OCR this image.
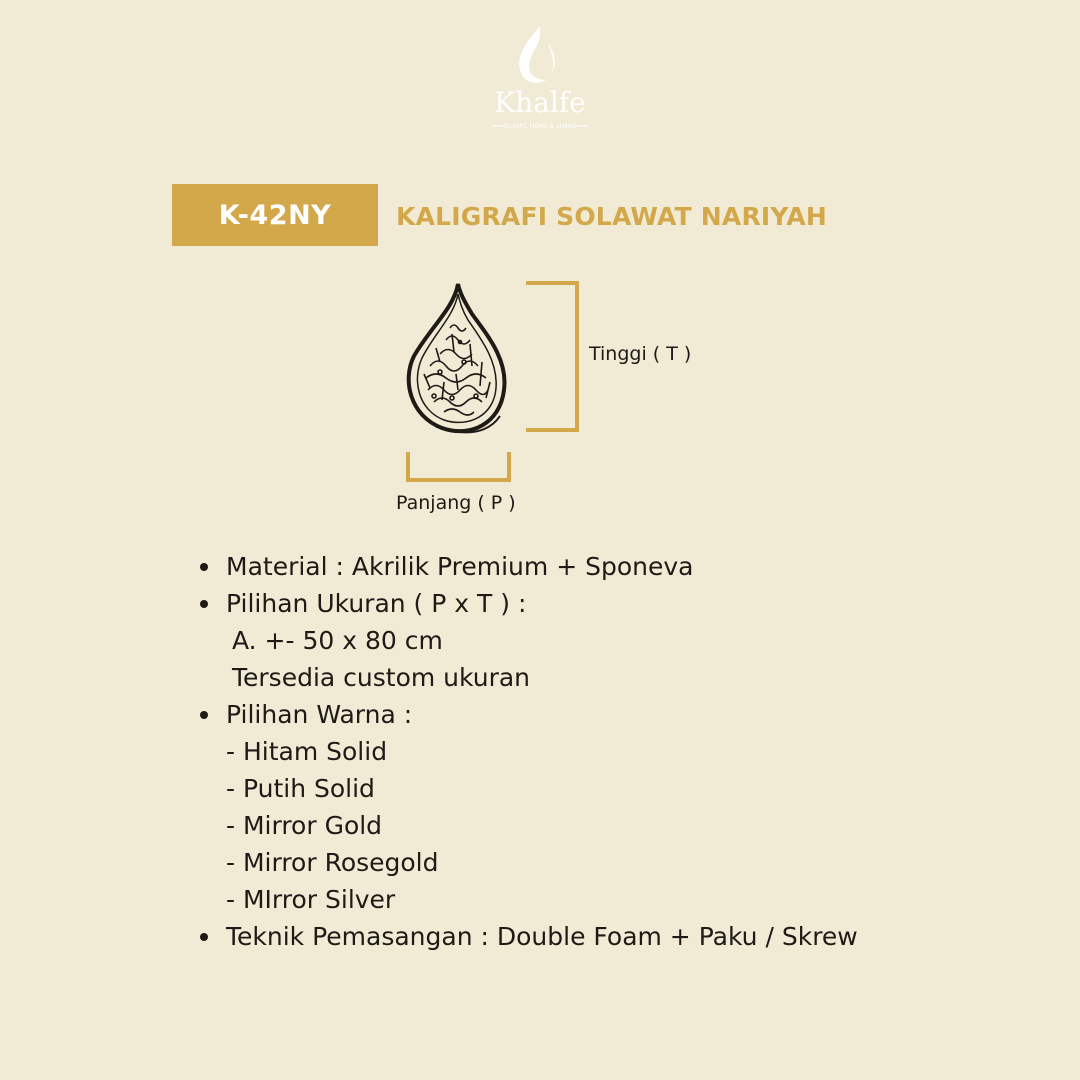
Khalfe
ISLAMIC HOME & LIVING
K-42NY	KALIGRAFI SOLAWAT NARIYAH
Tinggi ( T )
Panjang ( P )
Material : Akrilik Premium + Sponeva
Pilihan Ukuran ( P x T ) :
A. +- 50 x 80 cm
Tersedia custom ukuran
Pilihan Warna :
- Hitam Solid
- Putih Solid
- Mirror Gold
- Mirror Rosegold
- MIrror Silver
Teknik Pemasangan : Double Foam + Paku / Skrew
